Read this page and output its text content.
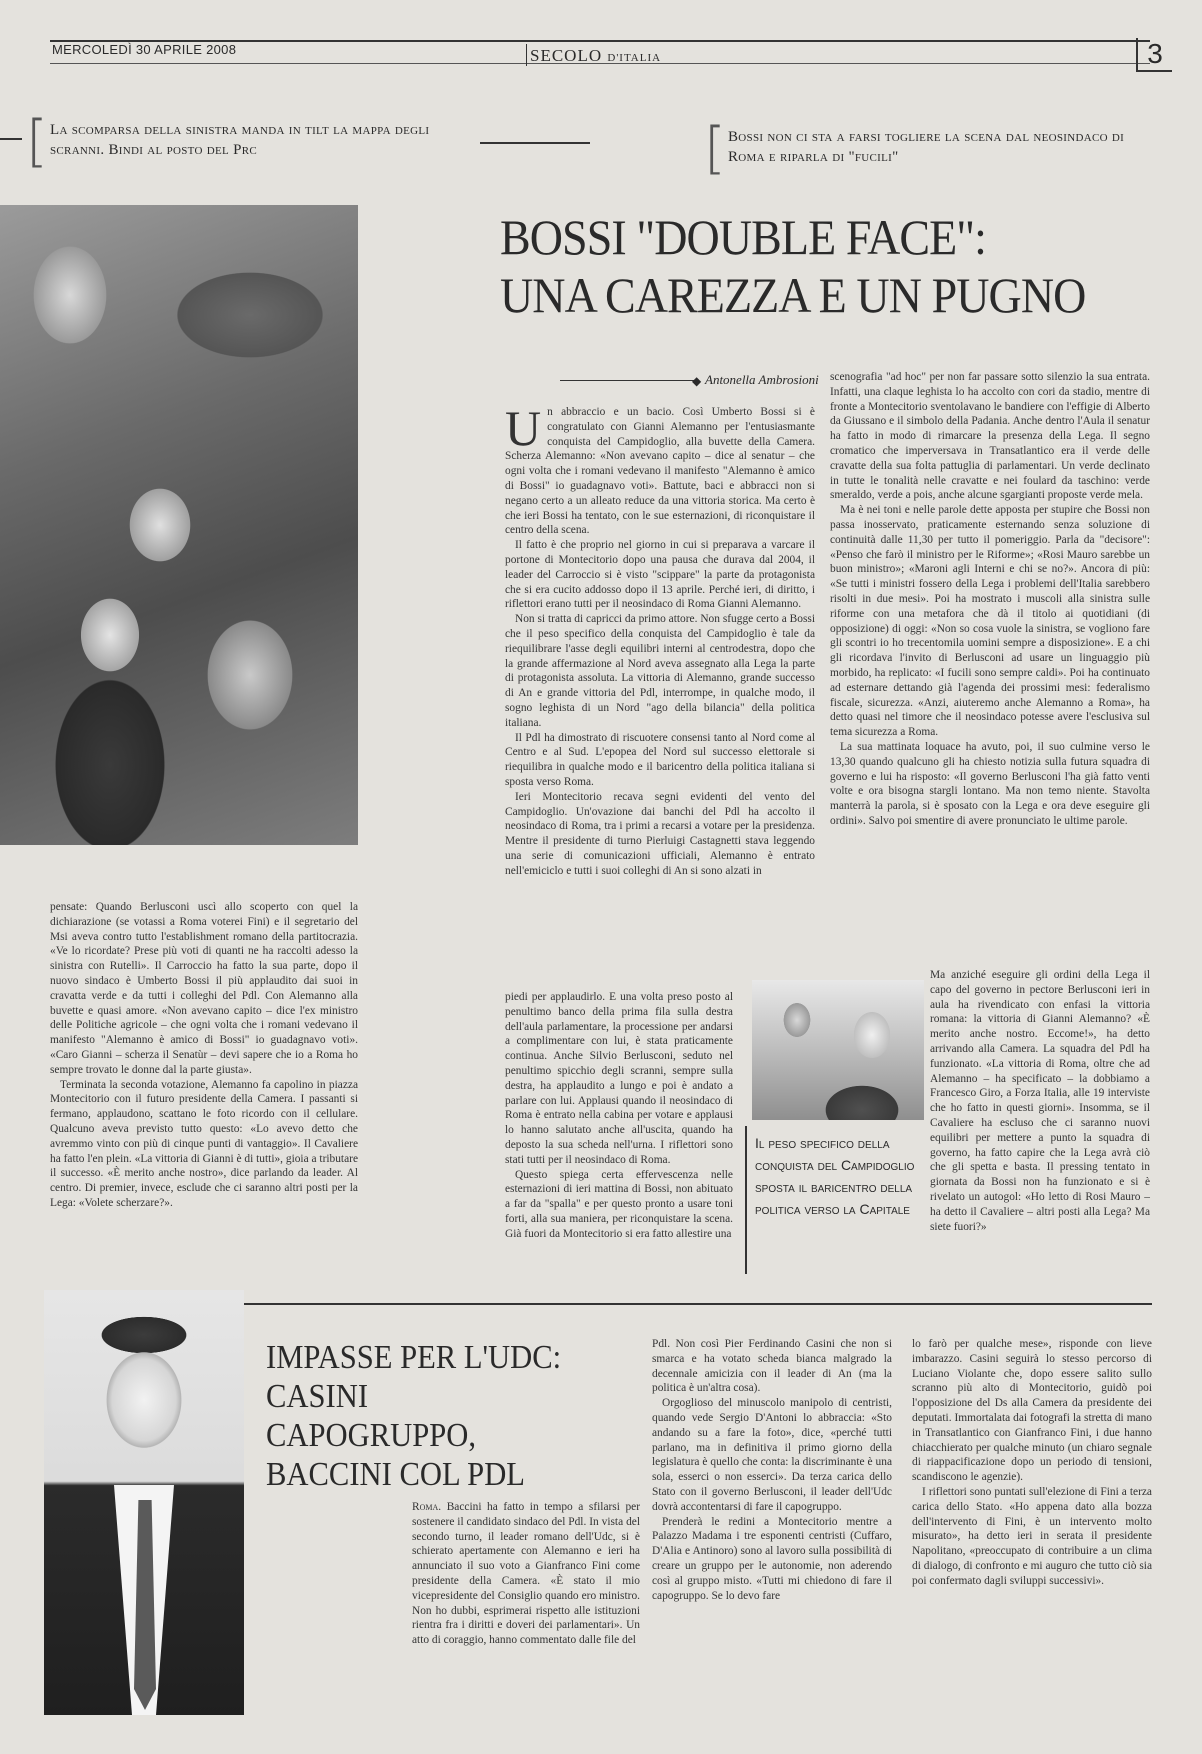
MERCOLEDÌ 30 APRILE 2008	SECOLO D'ITALIA	3
[ La scomparsa della sinistra manda in tilt la mappa degli scranni. Bindi al posto del Prc	[ Bossi non ci sta a farsi togliere la scena dal neosindaco di Roma e riparla di "fucili"
BOSSI "DOUBLE FACE":
UNA CAREZZA E UN PUGNO
◆ Antonella Ambrosioni

Un abbraccio e un bacio. Così Umberto Bossi si è congratulato con Gianni Alemanno per l'entusiasmante conquista del Campidoglio, alla buvette della Camera. Scherza Alemanno: «Non avevano capito – dice al senatur – che ogni volta che i romani vedevano il manifesto "Alemanno è amico di Bossi" io guadagnavo voti». Battute, baci e abbracci non si negano certo a un alleato reduce da una vittoria storica. Ma certo è che ieri Bossi ha tentato, con le sue esternazioni, di riconquistare il centro della scena.

Il fatto è che proprio nel giorno in cui si preparava a varcare il portone di Montecitorio dopo una pausa che durava dal 2004, il leader del Carroccio si è visto "scippare" la parte da protagonista che si era cucito addosso dopo il 13 aprile. Perché ieri, di diritto, i riflettori erano tutti per il neosindaco di Roma Gianni Alemanno.

Non si tratta di capricci da primo attore. Non sfugge certo a Bossi che il peso specifico della conquista del Campidoglio è tale da riequilibrare l'asse degli equilibri interni al centrodestra, dopo che la grande affermazione al Nord aveva assegnato alla Lega la parte di protagonista assoluta. La vittoria di Alemanno, grande successo di An e grande vittoria del Pdl, interrompe, in qualche modo, il sogno leghista di un Nord "ago della bilancia" della politica italiana.

Il Pdl ha dimostrato di riscuotere consensi tanto al Nord come al Centro e al Sud. L'epopea del Nord sul successo elettorale si riequilibra in qualche modo e il baricentro della politica italiana si sposta verso Roma.

Ieri Montecitorio recava segni evidenti del vento del Campidoglio. Un'ovazione dai banchi del Pdl ha accolto il neosindaco di Roma, tra i primi a recarsi a votare per la presidenza. Mentre il presidente di turno Pierluigi Castagnetti stava leggendo una serie di comunicazioni ufficiali, Alemanno è entrato nell'emiciclo e tutti i suoi colleghi di An si sono alzati in

piedi per applaudirlo. E una volta preso posto al penultimo banco della prima fila sulla destra dell'aula parlamentare, la processione per andarsi a complimentare con lui, è stata praticamente continua. Anche Silvio Berlusconi, seduto nel penultimo spicchio degli scranni, sempre sulla destra, ha applaudito a lungo e poi è andato a parlare con lui. Applausi quando il neosindaco di Roma è entrato nella cabina per votare e applausi lo hanno salutato anche all'uscita, quando ha deposto la sua scheda nell'urna. I riflettori sono stati tutti per il neosindaco di Roma.

Questo spiega certa effervescenza nelle esternazioni di ieri mattina di Bossi, non abituato a far da "spalla" e per questo pronto a usare toni forti, alla sua maniera, per riconquistare la scena. Già fuori da Montecitorio si era fatto allestire una

scenografia "ad hoc" per non far passare sotto silenzio la sua entrata. Infatti, una claque leghista lo ha accolto con cori da stadio, mentre di fronte a Montecitorio sventolavano le bandiere con l'effigie di Alberto da Giussano e il simbolo della Padania. Anche dentro l'Aula il senatur ha fatto in modo di rimarcare la presenza della Lega. Il segno cromatico che imperversava in Transatlantico era il verde delle cravatte della sua folta pattuglia di parlamentari. Un verde declinato in tutte le tonalità nelle cravatte e nei foulard da taschino: verde smeraldo, verde a pois, anche alcune sgargianti proposte verde mela.

Ma è nei toni e nelle parole dette apposta per stupire che Bossi non passa inosservato, praticamente esternando senza soluzione di continuità dalle 11,30 per tutto il pomeriggio. Parla da "decisore": «Penso che farò il ministro per le Riforme»; «Rosi Mauro sarebbe un buon ministro»; «Maroni agli Interni e chi se no?». Ancora di più: «Se tutti i ministri fossero della Lega i problemi dell'Italia sarebbero risolti in due mesi». Poi ha mostrato i muscoli alla sinistra sulle riforme con una metafora che dà il titolo ai quotidiani (di opposizione) di oggi: «Non so cosa vuole la sinistra, se vogliono fare gli scontri io ho trecentomila uomini sempre a disposizione». E a chi gli ricordava l'invito di Berlusconi ad usare un linguaggio più morbido, ha replicato: «I fucili sono sempre caldi». Poi ha continuato ad esternare dettando già l'agenda dei prossimi mesi: federalismo fiscale, sicurezza. «Anzi, aiuteremo anche Alemanno a Roma», ha detto quasi nel timore che il neosindaco potesse avere l'esclusiva sul tema sicurezza a Roma.

La sua mattinata loquace ha avuto, poi, il suo culmine verso le 13,30 quando qualcuno gli ha chiesto notizia sulla futura squadra di governo e lui ha risposto: «Il governo Berlusconi l'ha già fatto venti volte e ora bisogna stargli lontano. Ma non temo niente. Stavolta manterrà la parola, si è sposato con la Lega e ora deve eseguire gli ordini». Salvo poi smentire di avere pronunciato le ultime parole.

Ma anziché eseguire gli ordini della Lega il capo del governo in pectore Berlusconi ieri in aula ha rivendicato con enfasi la vittoria romana: la vittoria di Gianni Alemanno? «È merito anche nostro. Eccome!», ha detto arrivando alla Camera. La squadra del Pdl ha funzionato. «La vittoria di Roma, oltre che ad Alemanno – ha specificato – la dobbiamo a Francesco Giro, a Forza Italia, alle 19 interviste che ho fatto in questi giorni». Insomma, se il Cavaliere ha escluso che ci saranno nuovi equilibri per mettere a punto la squadra di governo, ha fatto capire che la Lega avrà ciò che gli spetta e basta. Il pressing tentato in giornata da Bossi non ha funzionato e si è rivelato un autogol: «Ho letto di Rosi Mauro – ha detto il Cavaliere – altri posti alla Lega? Ma siete fuori?»

pensate: Quando Berlusconi uscì allo scoperto con quel la dichiarazione (se votassi a Roma voterei Fini) e il segretario del Msi aveva contro tutto l'establishment romano della partitocrazia. «Ve lo ricordate? Prese più voti di quanti ne ha raccolti adesso la sinistra con Rutelli». Il Carroccio ha fatto la sua parte, dopo il nuovo sindaco è Umberto Bossi il più applaudito dai suoi in cravatta verde e da tutti i colleghi del Pdl. Con Alemanno alla buvette e quasi amore. «Non avevano capito – dice l'ex ministro delle Politiche agricole – che ogni volta che i romani vedevano il manifesto "Alemanno è amico di Bossi" io guadagnavo voti». «Caro Gianni – scherza il Senatùr – devi sapere che io a Roma ho sempre trovato le donne dal la parte giusta».

Terminata la seconda votazione, Alemanno fa capolino in piazza Montecitorio con il futuro presidente della Camera. I passanti si fermano, applaudono, scattano le foto ricordo con il cellulare. Qualcuno aveva previsto tutto questo: «Lo avevo detto che avremmo vinto con più di cinque punti di vantaggio». Il Cavaliere ha fatto l'en plein. «La vittoria di Gianni è di tutti», gioia a tributare il successo. «È merito anche nostro», dice parlando da leader. Al centro. Di premier, invece, esclude che ci saranno altri posti per la Lega: «Volete scherzare?».

Il peso specifico della conquista del Campidoglio sposta il baricentro della politica verso la Capitale
IMPASSE PER L'UDC:
CASINI CAPOGRUPPO,
BACCINI COL PDL

Roma. Baccini ha fatto in tempo a sfilarsi per sostenere il candidato sindaco del Pdl. In vista del secondo turno, il leader romano dell'Udc, si è schierato apertamente con Alemanno e ieri ha annunciato il suo voto a Gianfranco Fini come presidente della Camera. «È stato il mio vicepresidente del Consiglio quando ero ministro. Non ho dubbi, esprimerai rispetto alle istituzioni rientra fra i diritti e doveri dei parlamentari». Un atto di coraggio, hanno commentato dalle file del

Pdl. Non così Pier Ferdinando Casini che non si smarca e ha votato scheda bianca malgrado la decennale amicizia con il leader di An (ma la politica è un'altra cosa).

Orgoglioso del minuscolo manipolo di centristi, quando vede Sergio D'Antoni lo abbraccia: «Sto andando su a fare la foto», dice, «perché tutti parlano, ma in definitiva il primo giorno della legislatura è quello che conta: la discriminante è una sola, esserci o non esserci». Da terza carica dello Stato con il governo Berlusconi, il leader dell'Udc dovrà accontentarsi di fare il capogruppo.

Prenderà le redini a Montecitorio mentre a Palazzo Madama i tre esponenti centristi (Cuffaro, D'Alia e Antinoro) sono al lavoro sulla possibilità di creare un gruppo per le autonomie, non aderendo così al gruppo misto. «Tutti mi chiedono di fare il capogruppo. Se lo devo fare

lo farò per qualche mese», risponde con lieve imbarazzo. Casini seguirà lo stesso percorso di Luciano Violante che, dopo essere salito sullo scranno più alto di Montecitorio, guidò poi l'opposizione del Ds alla Camera da presidente dei deputati. Immortalata dai fotografi la stretta di mano in Transatlantico con Gianfranco Fini, i due hanno chiacchierato per qualche minuto (un chiaro segnale di riappacificazione dopo un periodo di tensioni, scandiscono le agenzie).

I riflettori sono puntati sull'elezione di Fini a terza carica dello Stato. «Ho appena dato alla bozza dell'intervento di Fini, è un intervento molto misurato», ha detto ieri in serata il presidente Napolitano, «preoccupato di contribuire a un clima di dialogo, di confronto e mi auguro che tutto ciò sia poi confermato dagli sviluppi successivi».
